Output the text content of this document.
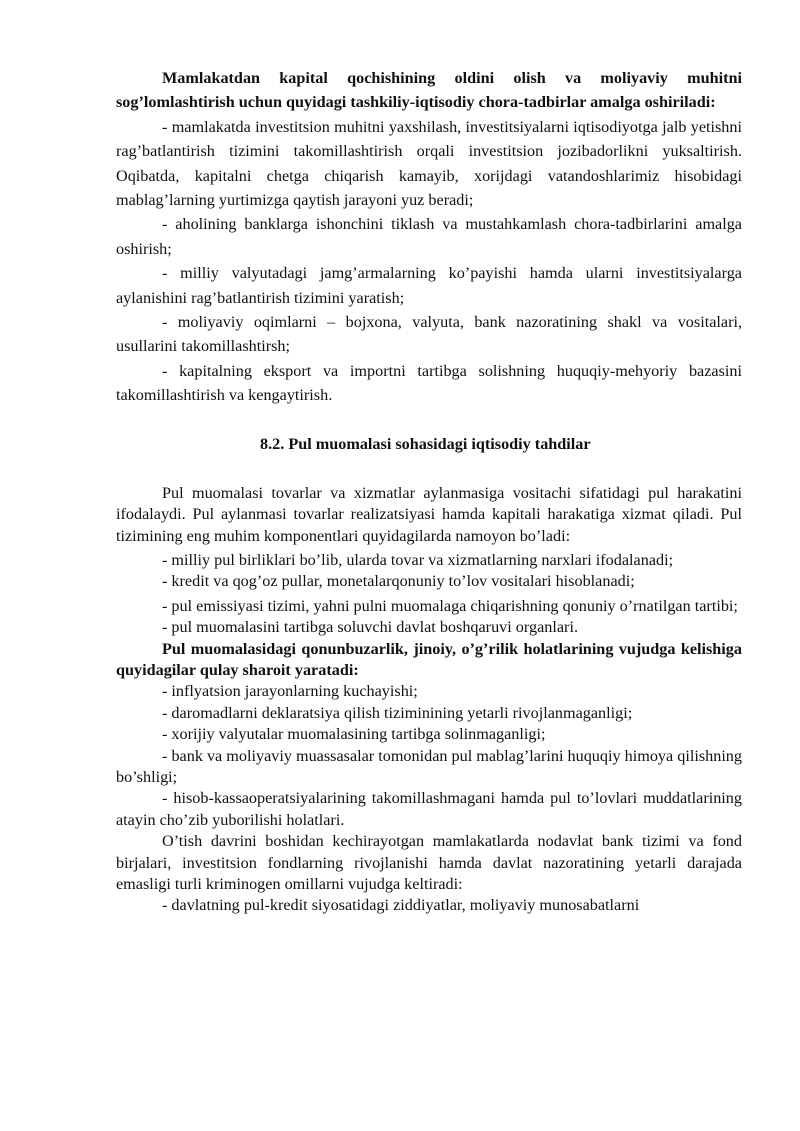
Mamlakatdan kapital qochishining oldini olish va moliyaviy muhitni sog’lomlashtirish uchun quyidagi tashkiliy-iqtisodiy chora-tadbirlar amalga oshiriladi:

- mamlakatda investitsion muhitni yaxshilash, investitsiyalarni iqtisodiyotga jalb yetishni rag’batlantirish tizimini takomillashtirish orqali investitsion jozibadorlikni yuksaltirish. Oqibatda, kapitalni chetga chiqarish kamayib, xorijdagi vatandoshlarimiz hisobidagi mablag’larning yurtimizga qaytish jarayoni yuz beradi;

- aholining banklarga ishonchini tiklash va mustahkamlash chora-tadbirlarini amalga oshirish;

- milliy valyutadagi jamg’armalarning ko’payishi hamda ularni investitsiyalarga aylanishini rag’batlantirish tizimini yaratish;

- moliyaviy oqimlarni – bojxona, valyuta, bank nazoratining shakl va vositalari, usullarini takomillashtirsh;

- kapitalning eksport va importni tartibga solishning huquqiy-mehyoriy bazasini takomillashtirish va kengaytirish.

8.2. Pul muomalasi sohasidagi iqtisodiy tahdilar

Pul muomalasi tovarlar va xizmatlar aylanmasiga vositachi sifatidagi pul harakatini ifodalaydi. Pul aylanmasi tovarlar realizatsiyasi hamda kapitali harakatiga xizmat qiladi. Pul tizimining eng muhim komponentlari quyidagilarda namoyon bo’ladi:

- milliy pul birliklari bo’lib, ularda tovar va xizmatlarning narxlari ifodalanadi;

- kredit va qog’oz pullar, monetalarqonuniy to’lov vositalari hisoblanadi;

- pul emissiyasi tizimi, yahni pulni muomalaga chiqarishning qonuniy o’rnatilgan tartibi;

- pul muomalasini tartibga soluvchi davlat boshqaruvi organlari.

Pul muomalasidagi qonunbuzarlik, jinoiy, o’g’rilik holatlarining vujudga kelishiga quyidagilar qulay sharoit yaratadi:

- inflyatsion jarayonlarning kuchayishi;

- daromadlarni deklaratsiya qilish tiziminining yetarli rivojlanmaganligi;

- xorijiy valyutalar muomalasining tartibga solinmaganligi;

- bank va moliyaviy muassasalar tomonidan pul mablag’larini huquqiy himoya qilishning bo’shligi;

- hisob-kassaoperatsiyalarining takomillashmagani hamda pul to’lovlari muddatlarining atayin cho’zib yuborilishi holatlari.

O’tish davrini boshidan kechirayotgan mamlakatlarda nodavlat bank tizimi va fond birjalari, investitsion fondlarning rivojlanishi hamda davlat nazoratining yetarli darajada emasligi turli kriminogen omillarni vujudga keltiradi:

- davlatning pul-kredit siyosatidagi ziddiyatlar, moliyaviy munosabatlarni
